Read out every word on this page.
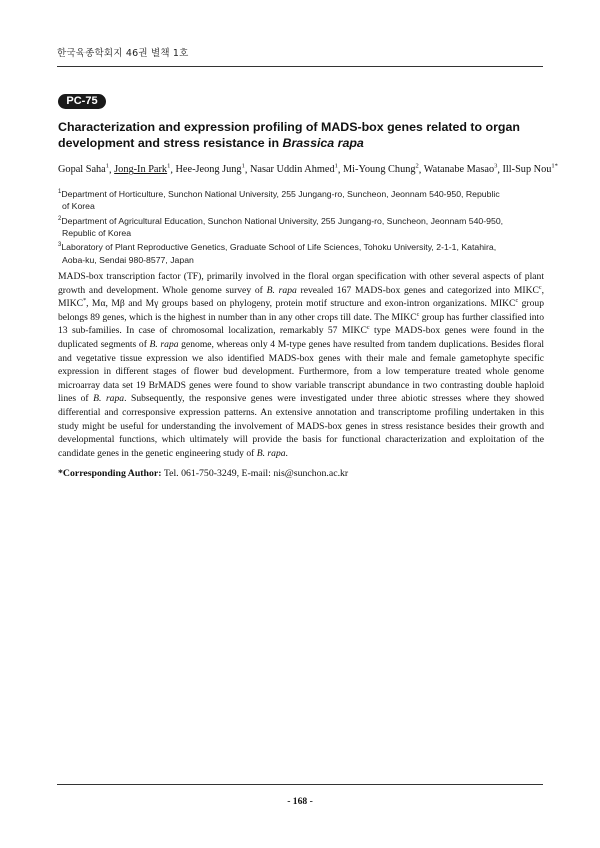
한국육종학회지 46권 별책 1호
PC-75
Characterization and expression profiling of MADS-box genes related to organ development and stress resistance in Brassica rapa
Gopal Saha$^1$, Jong-In Park$^1$, Hee-Jeong Jung$^1$, Nasar Uddin Ahmed$^1$, Mi-Young Chung$^2$, Watanabe Masao$^3$, Ill-Sup Nou$^{1*}$
$^1$Department of Horticulture, Sunchon National University, 255 Jungang-ro, Suncheon, Jeonnam 540-950, Republic
of Korea
$^2$Department of Agricultural Education, Sunchon National University, 255 Jungang-ro, Suncheon, Jeonnam 540-950,
Republic of Korea
$^3$Laboratory of Plant Reproductive Genetics, Graduate School of Life Sciences, Tohoku University, 2-1-1, Katahira,
Aoba-ku, Sendai 980-8577, Japan

MADS-box transcription factor (TF), primarily involved in the floral organ specification with other several aspects of plant growth and development. Whole genome survey of B. rapa revealed 167 MADS-box genes and categorized into MIKC$^c$, MIKC*, Mα, Mβ and Mγ groups based on phylogeny, protein motif structure and exon-intron organizations. MIKC$^c$ group belongs 89 genes, which is the highest in number than in any other crops till date. The MIKC$^c$ group has further classified into 13 sub-families. In case of chromosomal localization, remarkably 57 MIKC$^c$ type MADS-box genes were found in the duplicated segments of B. rapa genome, whereas only 4 M-type genes have resulted from tandem duplications. Besides floral and vegetative tissue expression we also identified MADS-box genes with their male and female gametophyte specific expression in different stages of flower bud development. Furthermore, from a low temperature treated whole genome microarray data set 19 BrMADS genes were found to show variable transcript abundance in two contrasting double haploid lines of B. rapa. Subsequently, the responsive genes were investigated under three abiotic stresses where they showed differential and corresponsive expression patterns. An extensive annotation and transcriptome profiling undertaken in this study might be useful for understanding the involvement of MADS-box genes in stress resistance besides their growth and developmental functions, which ultimately will provide the basis for functional characterization and exploitation of the candidate genes in the genetic engineering study of B. rapa.

*Corresponding Author: Tel. 061-750-3249, E-mail: nis@sunchon.ac.kr
- 168 -
